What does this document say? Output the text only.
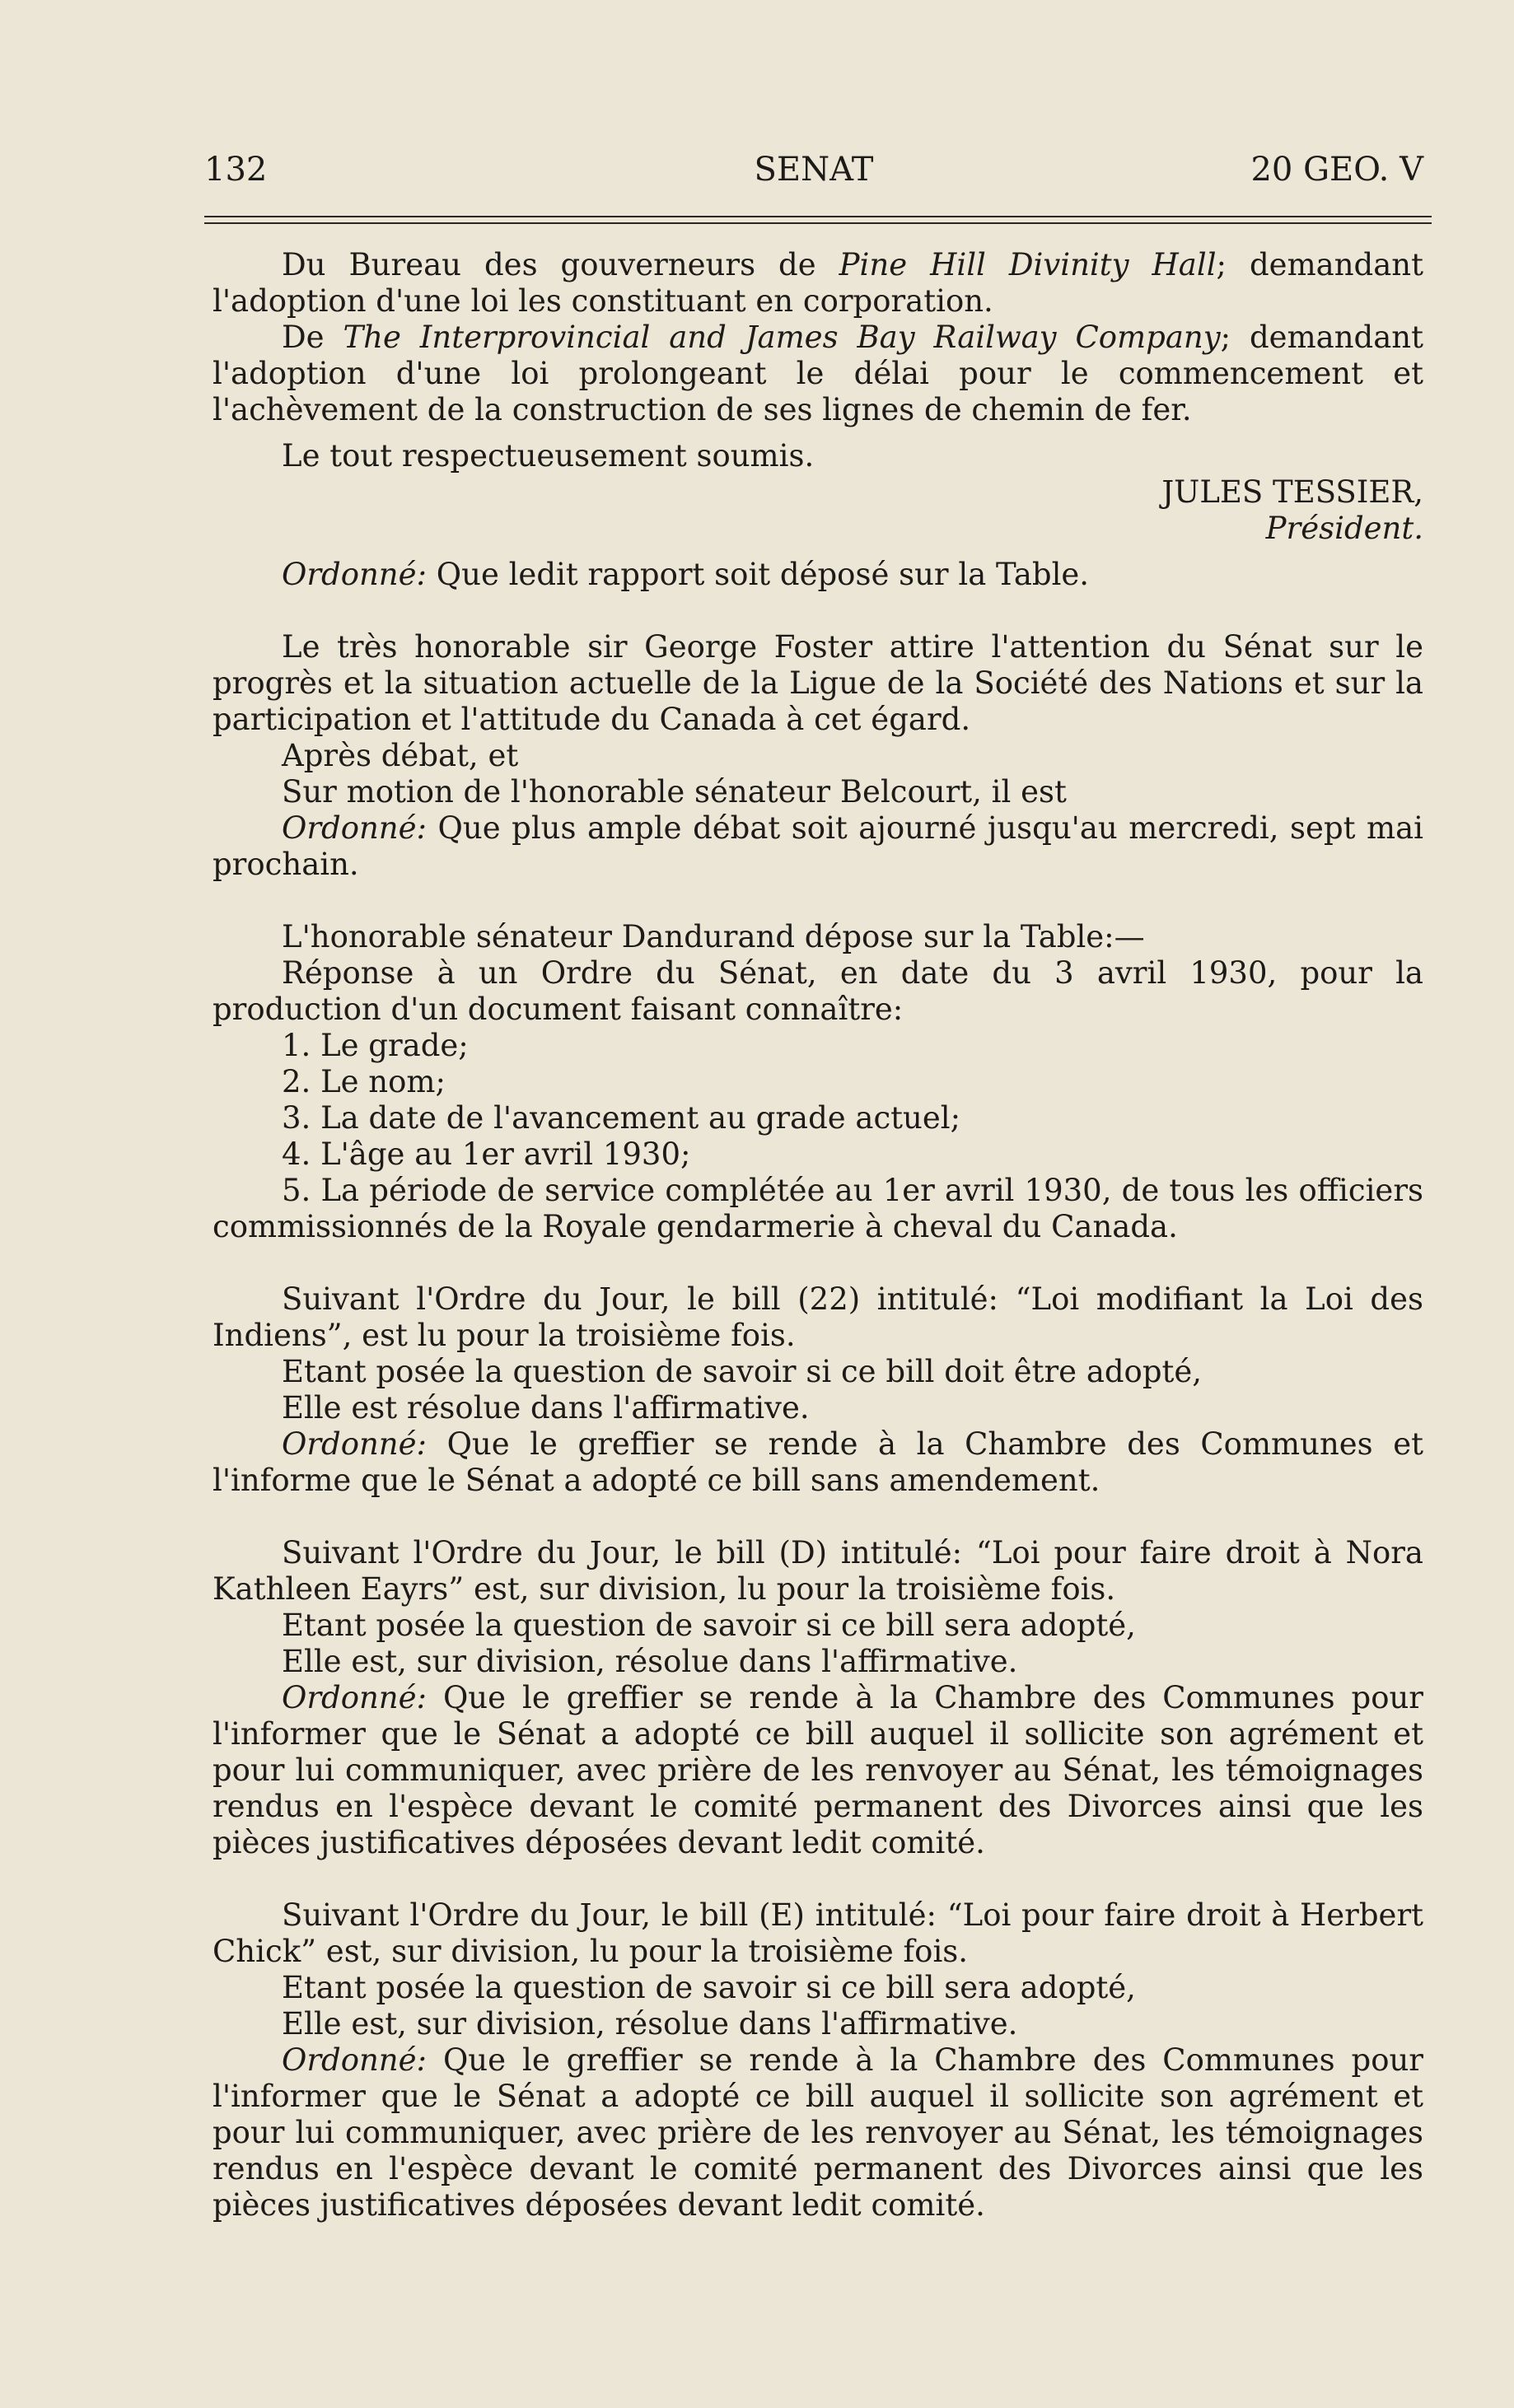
132	SENAT	20 GEO. V

Du Bureau des gouverneurs de Pine Hill Divinity Hall; demandant l'adoption d'une loi les constituant en corporation.

De The Interprovincial and James Bay Railway Company; demandant l'adoption d'une loi prolongeant le délai pour le commencement et l'achèvement de la construction de ses lignes de chemin de fer.

Le tout respectueusement soumis.

JULES TESSIER,

Président.

Ordonné: Que ledit rapport soit déposé sur la Table.

Le très honorable sir George Foster attire l'attention du Sénat sur le progrès et la situation actuelle de la Ligue de la Société des Nations et sur la participation et l'attitude du Canada à cet égard.

Après débat, et

Sur motion de l'honorable sénateur Belcourt, il est

Ordonné: Que plus ample débat soit ajourné jusqu'au mercredi, sept mai prochain.

L'honorable sénateur Dandurand dépose sur la Table:—

Réponse à un Ordre du Sénat, en date du 3 avril 1930, pour la production d'un document faisant connaître:

1. Le grade;

2. Le nom;

3. La date de l'avancement au grade actuel;

4. L'âge au 1er avril 1930;

5. La période de service complétée au 1er avril 1930, de tous les officiers commissionnés de la Royale gendarmerie à cheval du Canada.

Suivant l'Ordre du Jour, le bill (22) intitulé: “Loi modifiant la Loi des Indiens”, est lu pour la troisième fois.

Etant posée la question de savoir si ce bill doit être adopté,

Elle est résolue dans l'affirmative.

Ordonné: Que le greffier se rende à la Chambre des Communes et l'informe que le Sénat a adopté ce bill sans amendement.

Suivant l'Ordre du Jour, le bill (D) intitulé: “Loi pour faire droit à Nora Kathleen Eayrs” est, sur division, lu pour la troisième fois.

Etant posée la question de savoir si ce bill sera adopté,

Elle est, sur division, résolue dans l'affirmative.

Ordonné: Que le greffier se rende à la Chambre des Communes pour l'informer que le Sénat a adopté ce bill auquel il sollicite son agrément et pour lui communiquer, avec prière de les renvoyer au Sénat, les témoignages rendus en l'espèce devant le comité permanent des Divorces ainsi que les pièces justificatives déposées devant ledit comité.

Suivant l'Ordre du Jour, le bill (E) intitulé: “Loi pour faire droit à Herbert Chick” est, sur division, lu pour la troisième fois.

Etant posée la question de savoir si ce bill sera adopté,

Elle est, sur division, résolue dans l'affirmative.

Ordonné: Que le greffier se rende à la Chambre des Communes pour l'informer que le Sénat a adopté ce bill auquel il sollicite son agrément et pour lui communiquer, avec prière de les renvoyer au Sénat, les témoignages rendus en l'espèce devant le comité permanent des Divorces ainsi que les pièces justificatives déposées devant ledit comité.
